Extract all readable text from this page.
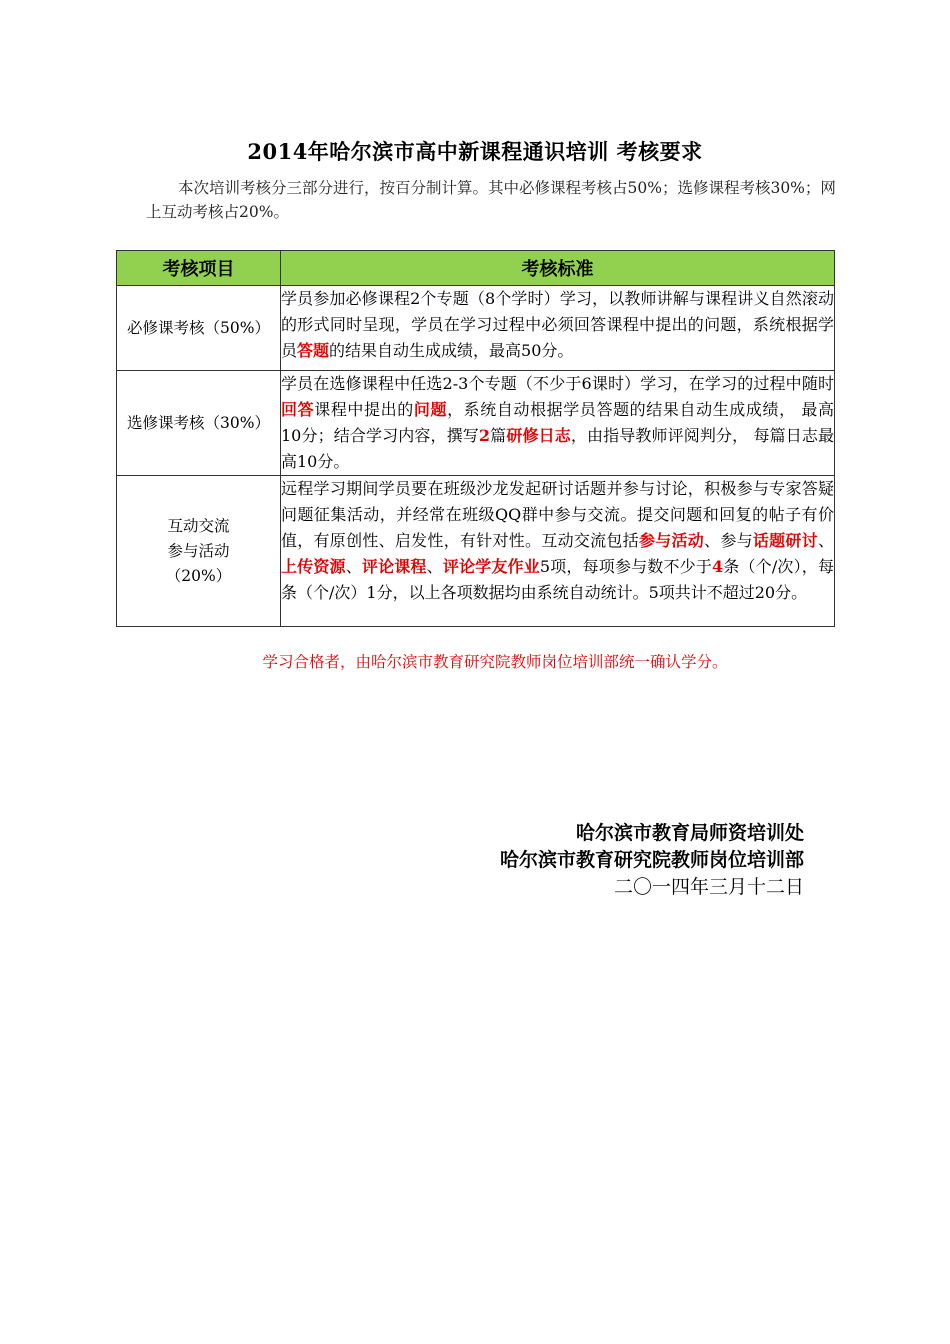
2014年哈尔滨市高中新课程通识培训 考核要求
本次培训考核分三部分进行，按百分制计算。其中必修课程考核占50%；选修课程考核30%；网上互动考核占20%。
考核项目	考核标准
必修课考核（50%）	学员参加必修课程2个专题（8个学时）学习，以教师讲解与课程讲义自然滚动的形式同时呈现，学员在学习过程中必须回答课程中提出的问题，系统根据学员答题的结果自动生成成绩，最高50分。
选修课考核（30%）	学员在选修课程中任选2-3个专题（不少于6课时）学习，在学习的过程中随时回答课程中提出的问题，系统自动根据学员答题的结果自动生成成绩， 最高10分；结合学习内容，撰写2篇研修日志，由指导教师评阅判分， 每篇日志最高10分。

互动交流
参与活动
（20%）	远程学习期间学员要在班级沙龙发起研讨话题并参与讨论，积极参与专家答疑问题征集活动，并经常在班级QQ群中参与交流。提交问题和回复的帖子有价值，有原创性、启发性，有针对性。互动交流包括参与活动、参与话题研讨、上传资源、评论课程、评论学友作业5项，每项参与数不少于4条（个/次），每条（个/次）1分，以上各项数据均由系统自动统计。5项共计不超过20分。
学习合格者，由哈尔滨市教育研究院教师岗位培训部统一确认学分。
哈尔滨市教育局师资培训处
哈尔滨市教育研究院教师岗位培训部
二〇一四年三月十二日
